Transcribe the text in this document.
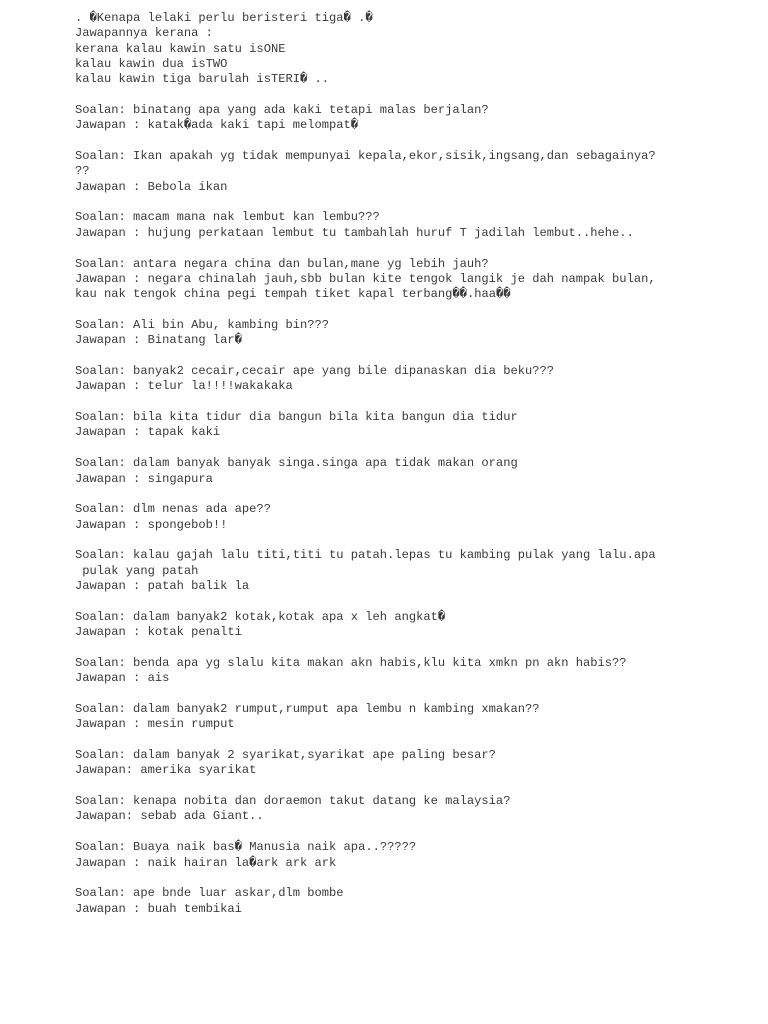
. �Kenapa lelaki perlu beristeri tiga� .�
Jawapannya kerana :
kerana kalau kawin satu isONE
kalau kawin dua isTWO
kalau kawin tiga barulah isTERI� ..
Soalan: binatang apa yang ada kaki tetapi malas berjalan?
Jawapan : katak�ada kaki tapi melompat�
Soalan: Ikan apakah yg tidak mempunyai kepala,ekor,sisik,ingsang,dan sebagainya?
??
Jawapan : Bebola ikan
Soalan: macam mana nak lembut kan lembu???
Jawapan : hujung perkataan lembut tu tambahlah huruf T jadilah lembut..hehe..
Soalan: antara negara china dan bulan,mane yg lebih jauh?
Jawapan : negara chinalah jauh,sbb bulan kite tengok langik je dah nampak bulan,
kau nak tengok china pegi tempah tiket kapal terbang��.haa��
Soalan: Ali bin Abu, kambing bin???
Jawapan : Binatang lar�
Soalan: banyak2 cecair,cecair ape yang bile dipanaskan dia beku???
Jawapan : telur la!!!!wakakaka
Soalan: bila kita tidur dia bangun bila kita bangun dia tidur
Jawapan : tapak kaki
Soalan: dalam banyak banyak singa.singa apa tidak makan orang
Jawapan : singapura
Soalan: dlm nenas ada ape??
Jawapan : spongebob!!
Soalan: kalau gajah lalu titi,titi tu patah.lepas tu kambing pulak yang lalu.apa
pulak yang patah
Jawapan : patah balik la
Soalan: dalam banyak2 kotak,kotak apa x leh angkat�
Jawapan : kotak penalti
Soalan: benda apa yg slalu kita makan akn habis,klu kita xmkn pn akn habis??
Jawapan : ais
Soalan: dalam banyak2 rumput,rumput apa lembu n kambing xmakan??
Jawapan : mesin rumput
Soalan: dalam banyak 2 syarikat,syarikat ape paling besar?
Jawapan: amerika syarikat
Soalan: kenapa nobita dan doraemon takut datang ke malaysia?
Jawapan: sebab ada Giant..
Soalan: Buaya naik bas� Manusia naik apa..?????
Jawapan : naik hairan la�ark ark ark
Soalan: ape bnde luar askar,dlm bombe
Jawapan : buah tembikai
